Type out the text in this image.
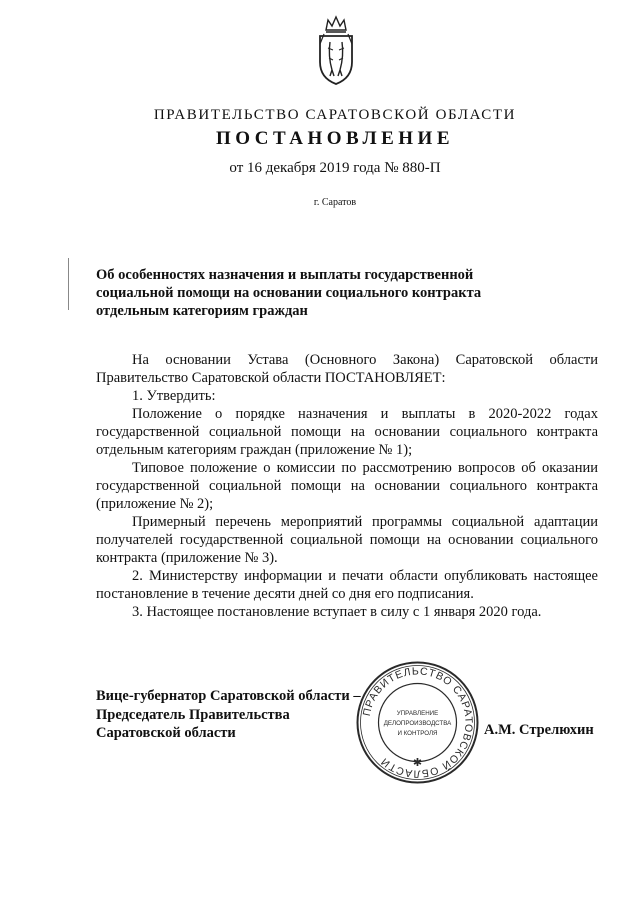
ПРАВИТЕЛЬСТВО САРАТОВСКОЙ ОБЛАСТИ
ПОСТАНОВЛЕНИЕ
от 16 декабря 2019 года № 880-П
г. Саратов
Об особенностях назначения и выплаты государственной
социальной помощи на основании социального контракта
отдельным категориям граждан

На основании Устава (Основного Закона) Саратовской области Правительство Саратовской области ПОСТАНОВЛЯЕТ:

1. Утвердить:

Положение о порядке назначения и выплаты в 2020-2022 годах государственной социальной помощи на основании социального контракта отдельным категориям граждан (приложение № 1);

Типовое положение о комиссии по рассмотрению вопросов об оказании государственной социальной помощи на основании социального контракта (приложение № 2);

Примерный перечень мероприятий программы социальной адаптации получателей государственной социальной помощи на основании социального контракта (приложение № 3).

2. Министерству информации и печати области опубликовать настоящее постановление в течение десяти дней со дня его подписания.

3. Настоящее постановление вступает в силу с 1 января 2020 года.

Вице-губернатор Саратовской области –
Председатель Правительства
Саратовской области
ПРАВИТЕЛЬСТВО САРАТОВСКОЙ ОБЛАСТИ	✱
УПРАВЛЕНИЕ
ДЕЛОПРОИЗВОДСТВА
И КОНТРОЛЯ	А.М. Стрелюхин
